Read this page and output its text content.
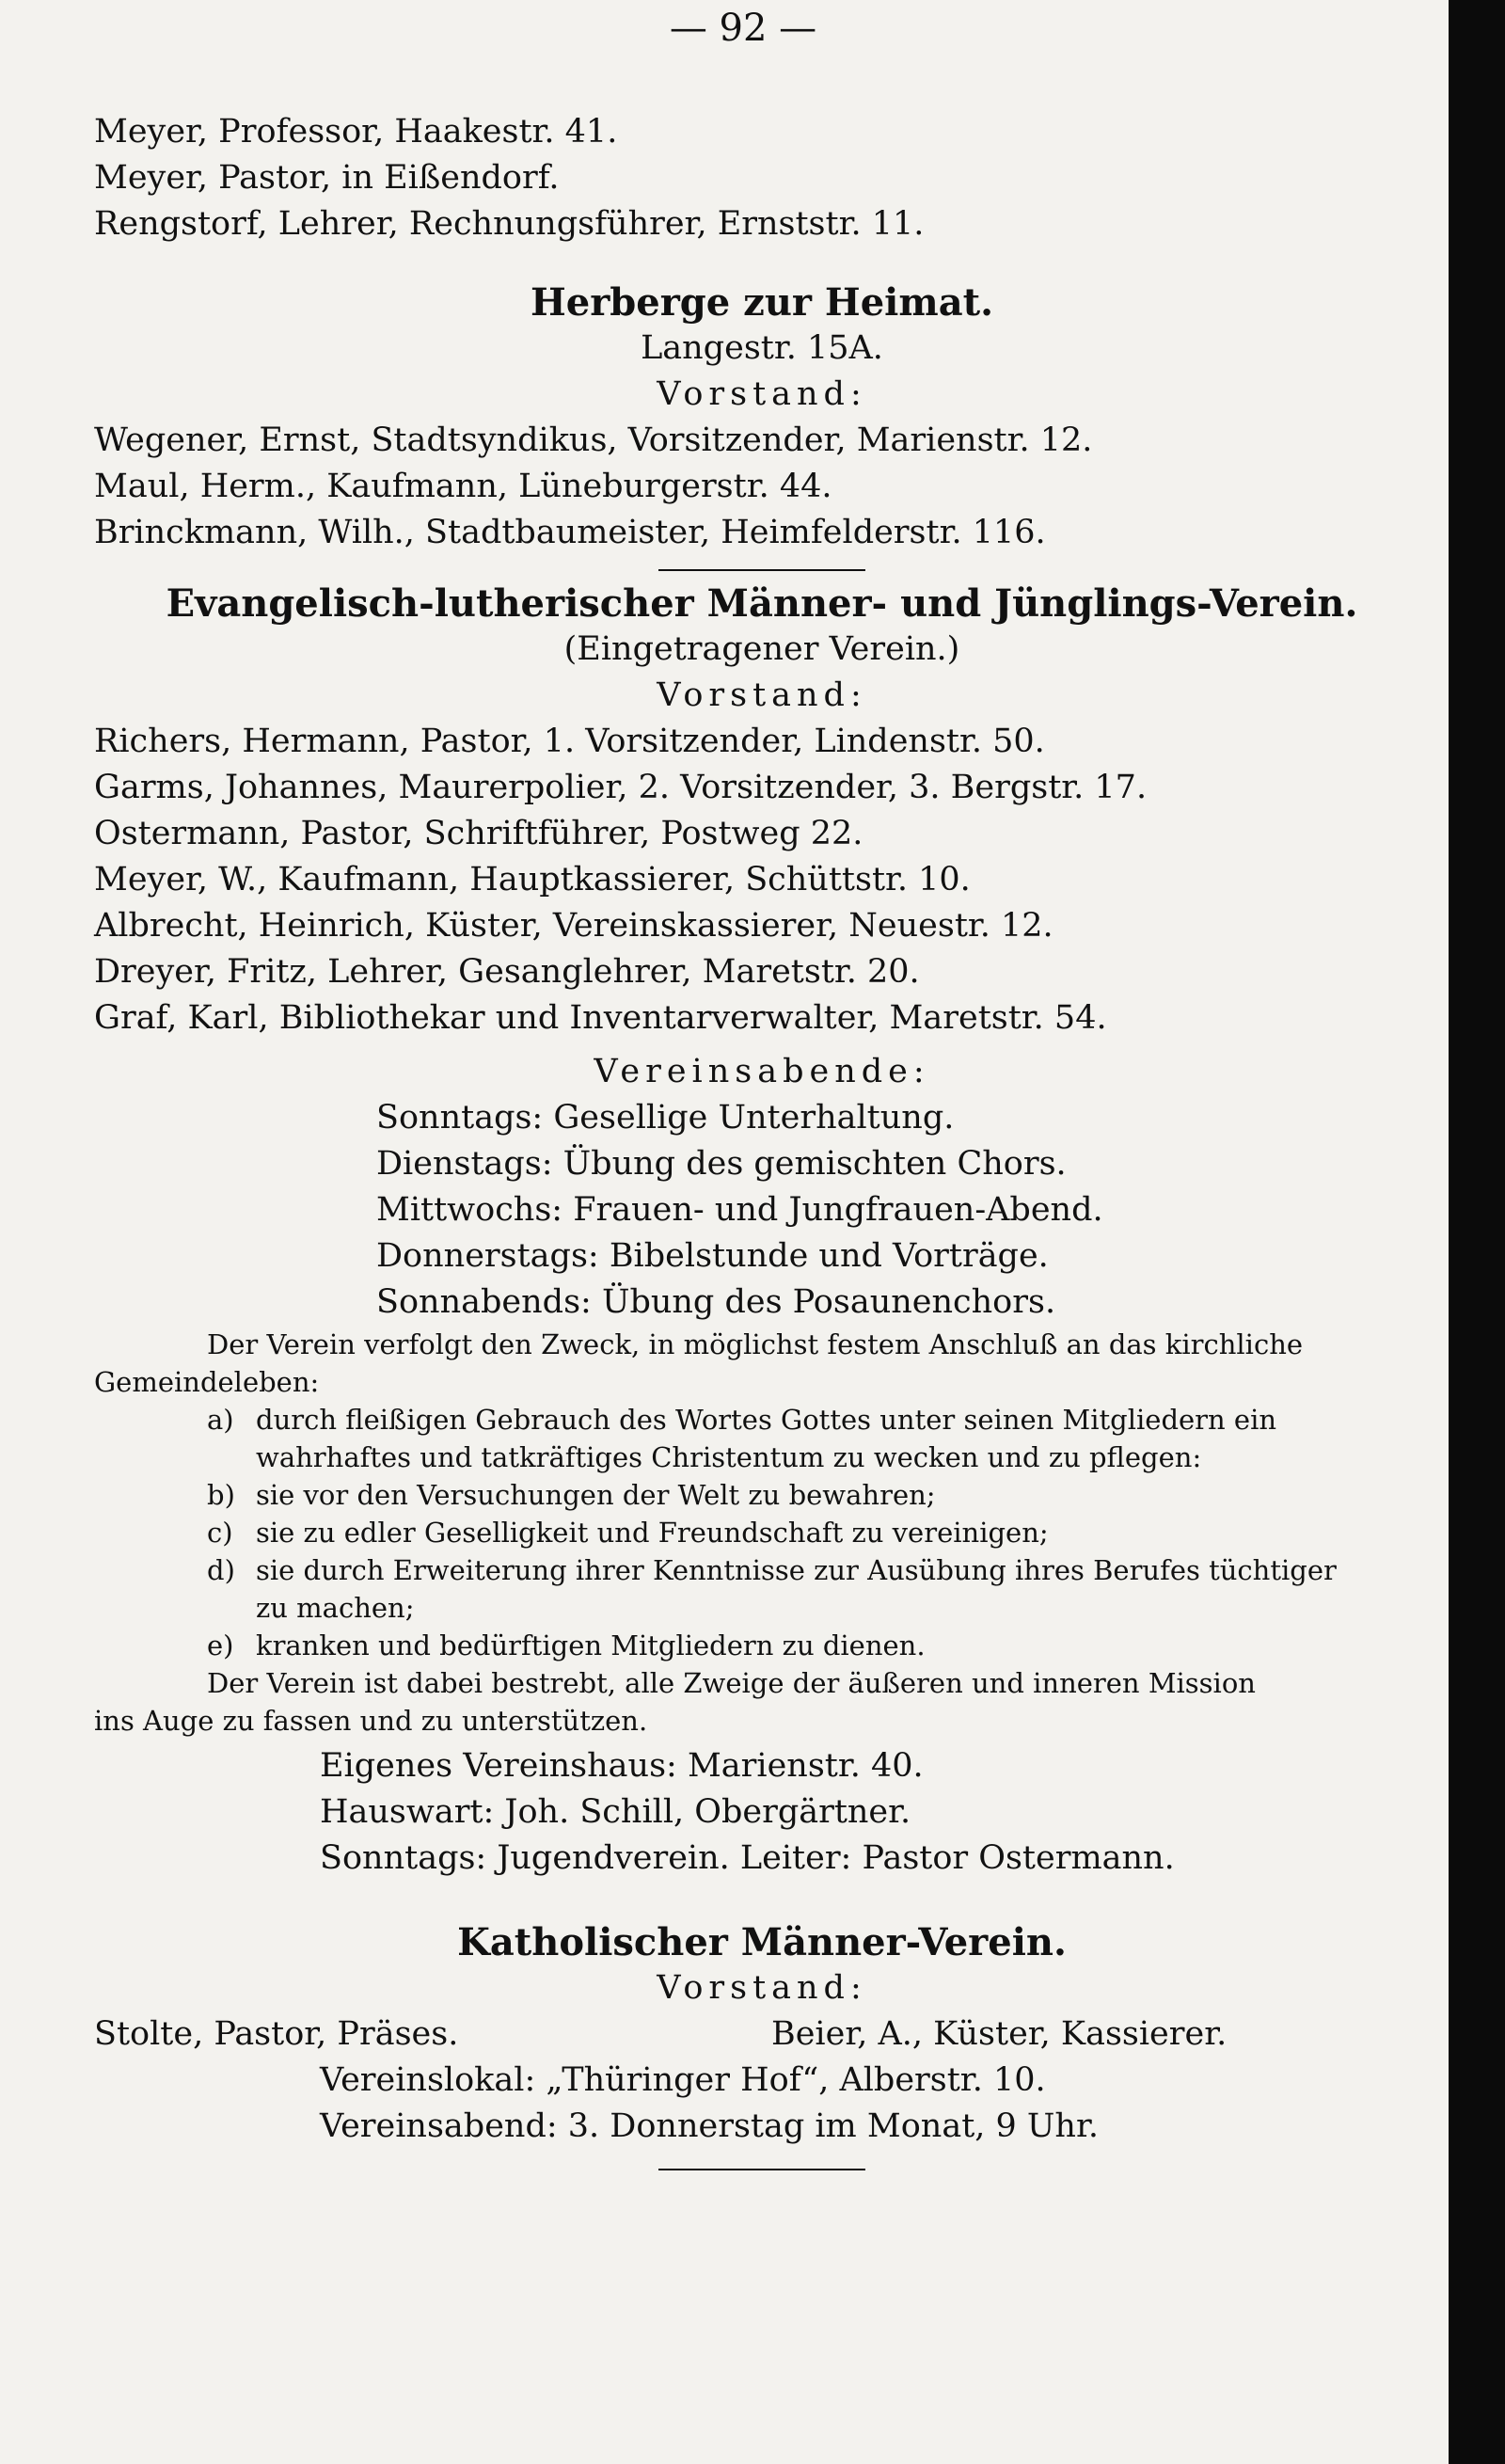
— 92 —
Meyer, Professor, Haakestr. 41.
Meyer, Pastor, in Eißendorf.
Rengstorf, Lehrer, Rechnungsführer, Ernststr. 11.
Herberge zur Heimat.
Langestr. 15A.
Vorstand:
Wegener, Ernst, Stadtsyndikus, Vorsitzender, Marienstr. 12.
Maul, Herm., Kaufmann, Lüneburgerstr. 44.
Brinckmann, Wilh., Stadtbaumeister, Heimfelderstr. 116.
Evangelisch-lutherischer Männer- und Jünglings-Verein.
(Eingetragener Verein.)
Vorstand:
Richers, Hermann, Pastor, 1. Vorsitzender, Lindenstr. 50.
Garms, Johannes, Maurerpolier, 2. Vorsitzender, 3. Bergstr. 17.
Ostermann, Pastor, Schriftführer, Postweg 22.
Meyer, W., Kaufmann, Hauptkassierer, Schüttstr. 10.
Albrecht, Heinrich, Küster, Vereinskassierer, Neuestr. 12.
Dreyer, Fritz, Lehrer, Gesanglehrer, Maretstr. 20.
Graf, Karl, Bibliothekar und Inventarverwalter, Maretstr. 54.
Vereinsabende:
Sonntags: Gesellige Unterhaltung.
Dienstags: Übung des gemischten Chors.
Mittwochs: Frauen- und Jungfrauen-Abend.
Donnerstags: Bibelstunde und Vorträge.
Sonnabends: Übung des Posaunenchors.
Der Verein verfolgt den Zweck, in möglichst festem Anschluß an das kirchliche
Gemeindeleben:
a) durch fleißigen Gebrauch des Wortes Gottes unter seinen Mitgliedern ein
wahrhaftes und tatkräftiges Christentum zu wecken und zu pflegen:
b) sie vor den Versuchungen der Welt zu bewahren;
c) sie zu edler Geselligkeit und Freundschaft zu vereinigen;
d) sie durch Erweiterung ihrer Kenntnisse zur Ausübung ihres Berufes tüchtiger
zu machen;
e) kranken und bedürftigen Mitgliedern zu dienen.
Der Verein ist dabei bestrebt, alle Zweige der äußeren und inneren Mission
ins Auge zu fassen und zu unterstützen.
Eigenes Vereinshaus: Marienstr. 40.
Hauswart: Joh. Schill, Obergärtner.
Sonntags: Jugendverein. Leiter: Pastor Ostermann.
Katholischer Männer-Verein.
Vorstand:
Stolte, Pastor, Präses.	Beier, A., Küster, Kassierer.
Vereinslokal: „Thüringer Hof“, Alberstr. 10.
Vereinsabend: 3. Donnerstag im Monat, 9 Uhr.
